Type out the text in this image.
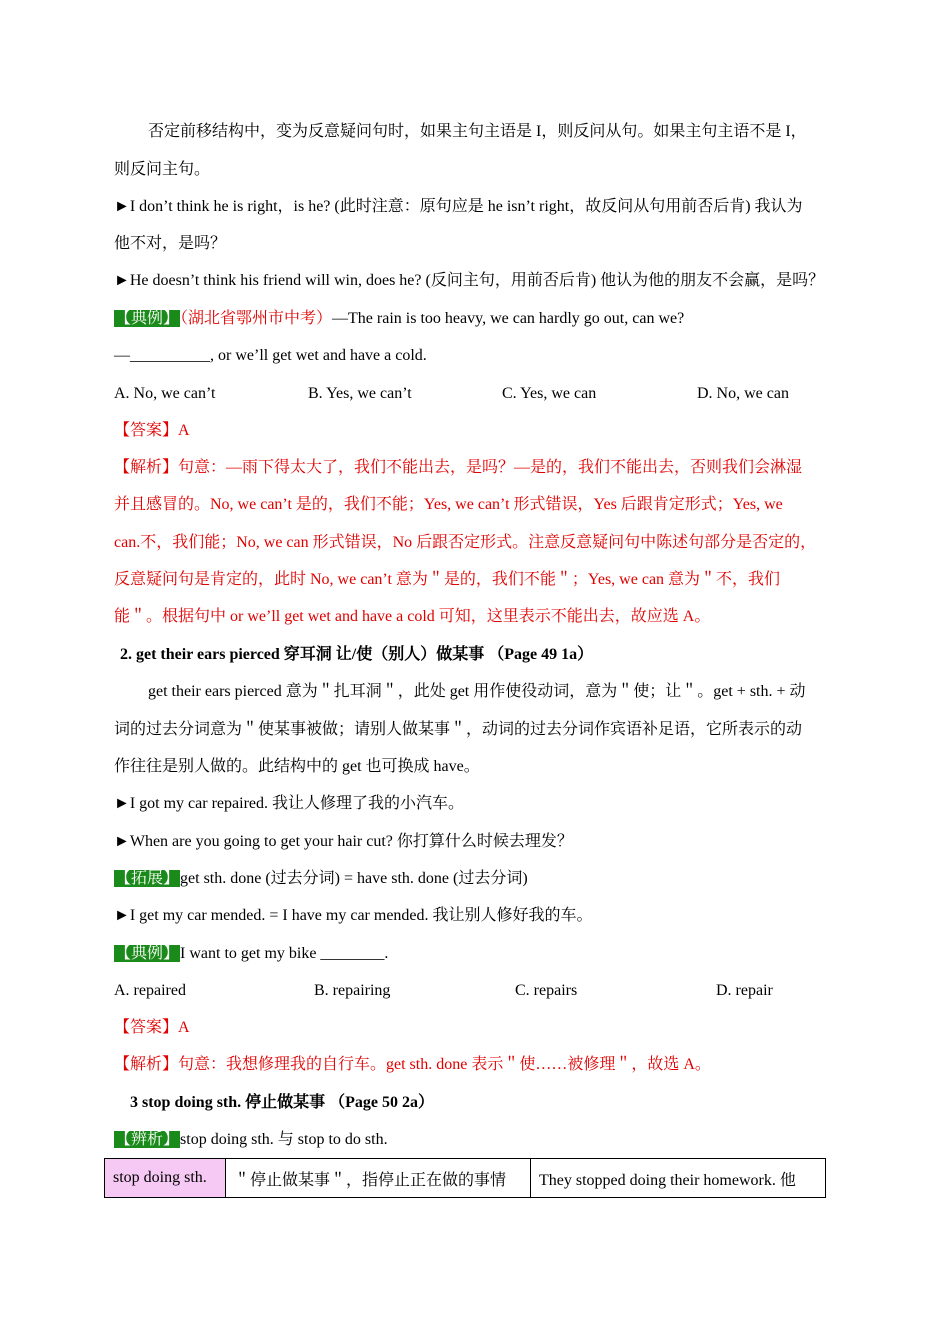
否定前移结构中，变为反意疑问句时，如果主句主语是 I，则反问从句。如果主句主语不是 I，
则反问主句。
►I don’t think he is right，is he? (此时注意：原句应是 he isn’t right，故反问从句用前否后肯) 我认为
他不对，是吗？
►He doesn’t think his friend will win, does he? (反问主句，用前否后肯) 他认为他的朋友不会赢，是吗？
【典例】（湖北省鄂州市中考）—The rain is too heavy, we can hardly go out, can we?
—__________, or we’ll get wet and have a cold.
A. No, we can’t	B. Yes, we can’t	C. Yes, we can	D. No, we can
【答案】A
【解析】句意：—雨下得太大了，我们不能出去，是吗？—是的，我们不能出去，否则我们会淋湿
并且感冒的。No, we can’t 是的，我们不能；Yes, we can’t 形式错误，Yes 后跟肯定形式；Yes, we
can.不，我们能；No, we can 形式错误，No 后跟否定形式。注意反意疑问句中陈述句部分是否定的，
反意疑问句是肯定的，此时 No, we can’t 意为＂是的，我们不能＂；Yes, we can 意为＂不，我们
能＂。根据句中 or we’ll get wet and have a cold 可知，这里表示不能出去，故应选 A。
2. get their ears pierced 穿耳洞 让/使（别人）做某事 （Page 49 1a）
get their ears pierced 意为＂扎耳洞＂，此处 get 用作使役动词，意为＂使；让＂。get + sth. + 动
词的过去分词意为＂使某事被做；请别人做某事＂，动词的过去分词作宾语补足语，它所表示的动
作往往是别人做的。此结构中的 get 也可换成 have。
►I got my car repaired. 我让人修理了我的小汽车。
►When are you going to get your hair cut? 你打算什么时候去理发？
【拓展】get sth. done (过去分词) = have sth. done (过去分词)
►I get my car mended. = I have my car mended. 我让别人修好我的车。
【典例】I want to get my bike ________.
A. repaired	B. repairing	C. repairs	D. repair
【答案】A
【解析】句意：我想修理我的自行车。get sth. done 表示＂使……被修理＂，故选 A。
3 stop doing sth. 停止做某事 （Page 50 2a）
【辨析】stop doing sth. 与 stop to do sth.
stop doing sth.	＂停止做某事＂，指停止正在做的事情	They stopped doing their homework. 他
